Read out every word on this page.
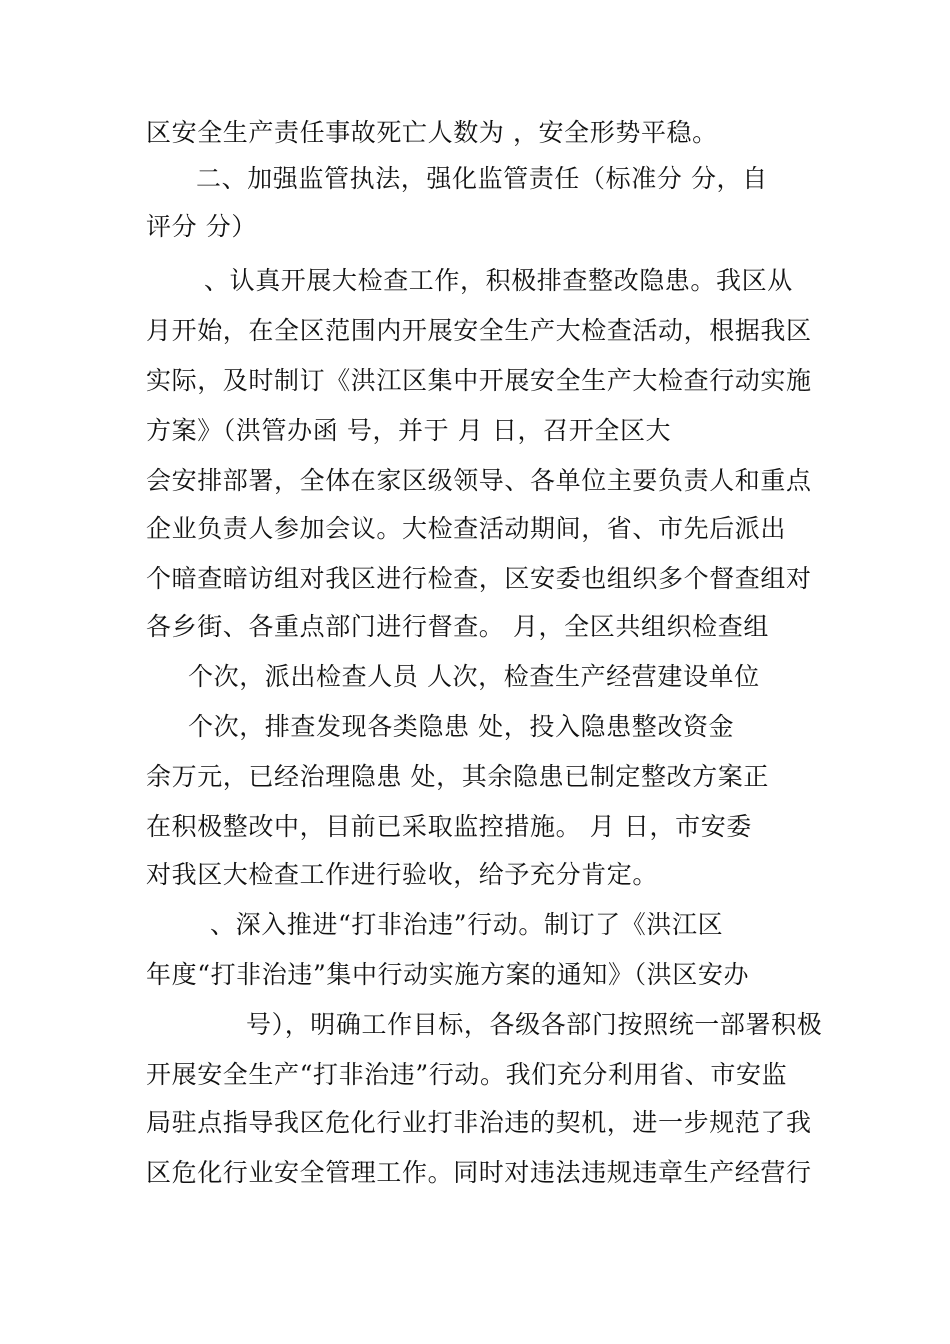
区安全生产责任事故死亡人数为 ，安全形势平稳。
二、加强监管执法，强化监管责任（标准分 分，自
评分 分）
、认真开展大检查工作，积极排查整改隐患。我区从
月开始，在全区范围内开展安全生产大检查活动，根据我区
实际，及时制订《洪江区集中开展安全生产大检查行动实施
方案》（洪管办函 号，并于 月 日，召开全区大
会安排部署，全体在家区级领导、各单位主要负责人和重点
企业负责人参加会议。大检查活动期间，省、市先后派出
个暗查暗访组对我区进行检查，区安委也组织多个督查组对
各乡街、各重点部门进行督查。 月，全区共组织检查组
个次，派出检查人员 人次，检查生产经营建设单位
个次，排查发现各类隐患 处，投入隐患整改资金
余万元，已经治理隐患 处，其余隐患已制定整改方案正
在积极整改中，目前已采取监控措施。 月 日，市安委
对我区大检查工作进行验收，给予充分肯定。
、深入推进“打非治违”行动。制订了《洪江区
年度“打非治违”集中行动实施方案的通知》（洪区安办
号），明确工作目标，各级各部门按照统一部署积极
开展安全生产“打非治违”行动。我们充分利用省、市安监
局驻点指导我区危化行业打非治违的契机，进一步规范了我
区危化行业安全管理工作。同时对违法违规违章生产经营行
